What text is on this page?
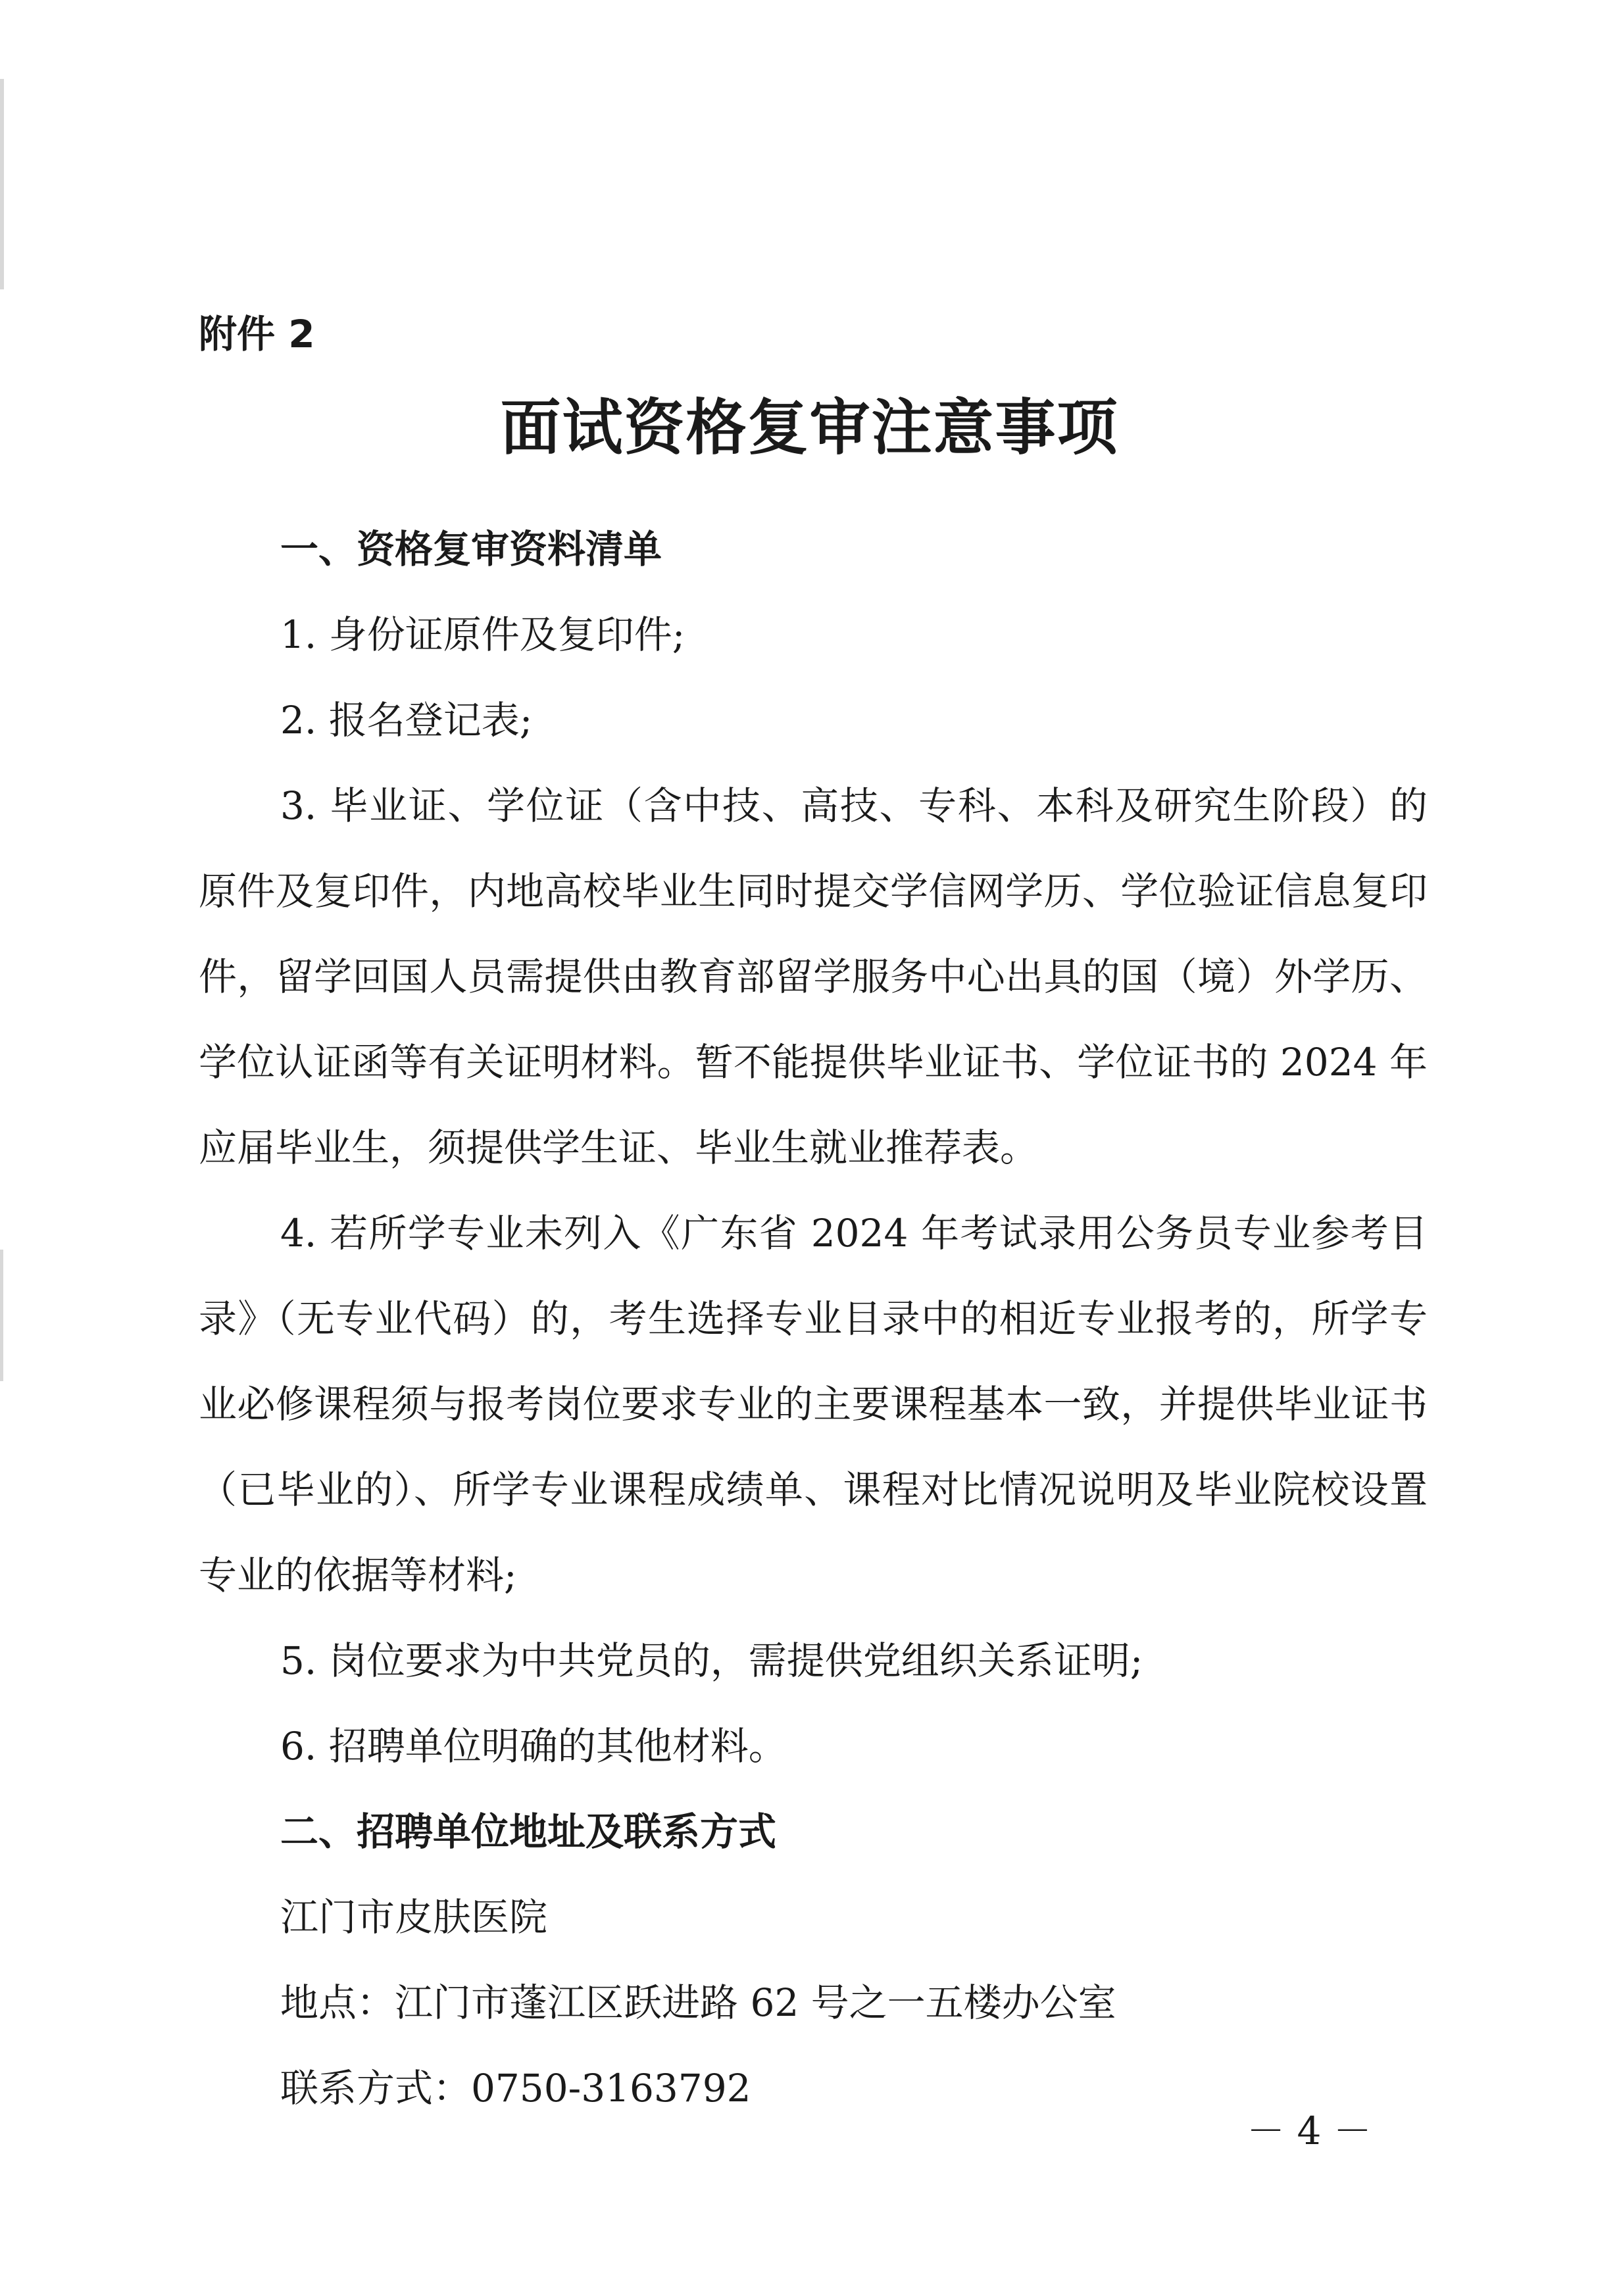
附件 2

面试资格复审注意事项

一、资格复审资料清单

1. 身份证原件及复印件;

2. 报名登记表;

3. 毕业证、学位证（含中技、高技、专科、本科及研究生阶段）的原件及复印件，内地高校毕业生同时提交学信网学历、学位验证信息复印件，留学回国人员需提供由教育部留学服务中心出具的国（境）外学历、学位认证函等有关证明材料。暂不能提供毕业证书、学位证书的 2024 年应届毕业生，须提供学生证、毕业生就业推荐表。

4. 若所学专业未列入《广东省 2024 年考试录用公务员专业参考目录》（无专业代码）的，考生选择专业目录中的相近专业报考的，所学专业必修课程须与报考岗位要求专业的主要课程基本一致，并提供毕业证书（已毕业的）、所学专业课程成绩单、课程对比情况说明及毕业院校设置专业的依据等材料;

5. 岗位要求为中共党员的，需提供党组织关系证明;

6. 招聘单位明确的其他材料。

二、招聘单位地址及联系方式

江门市皮肤医院

地点：江门市蓬江区跃进路 62 号之一五楼办公室

联系方式：0750-3163792

－ 4 －
